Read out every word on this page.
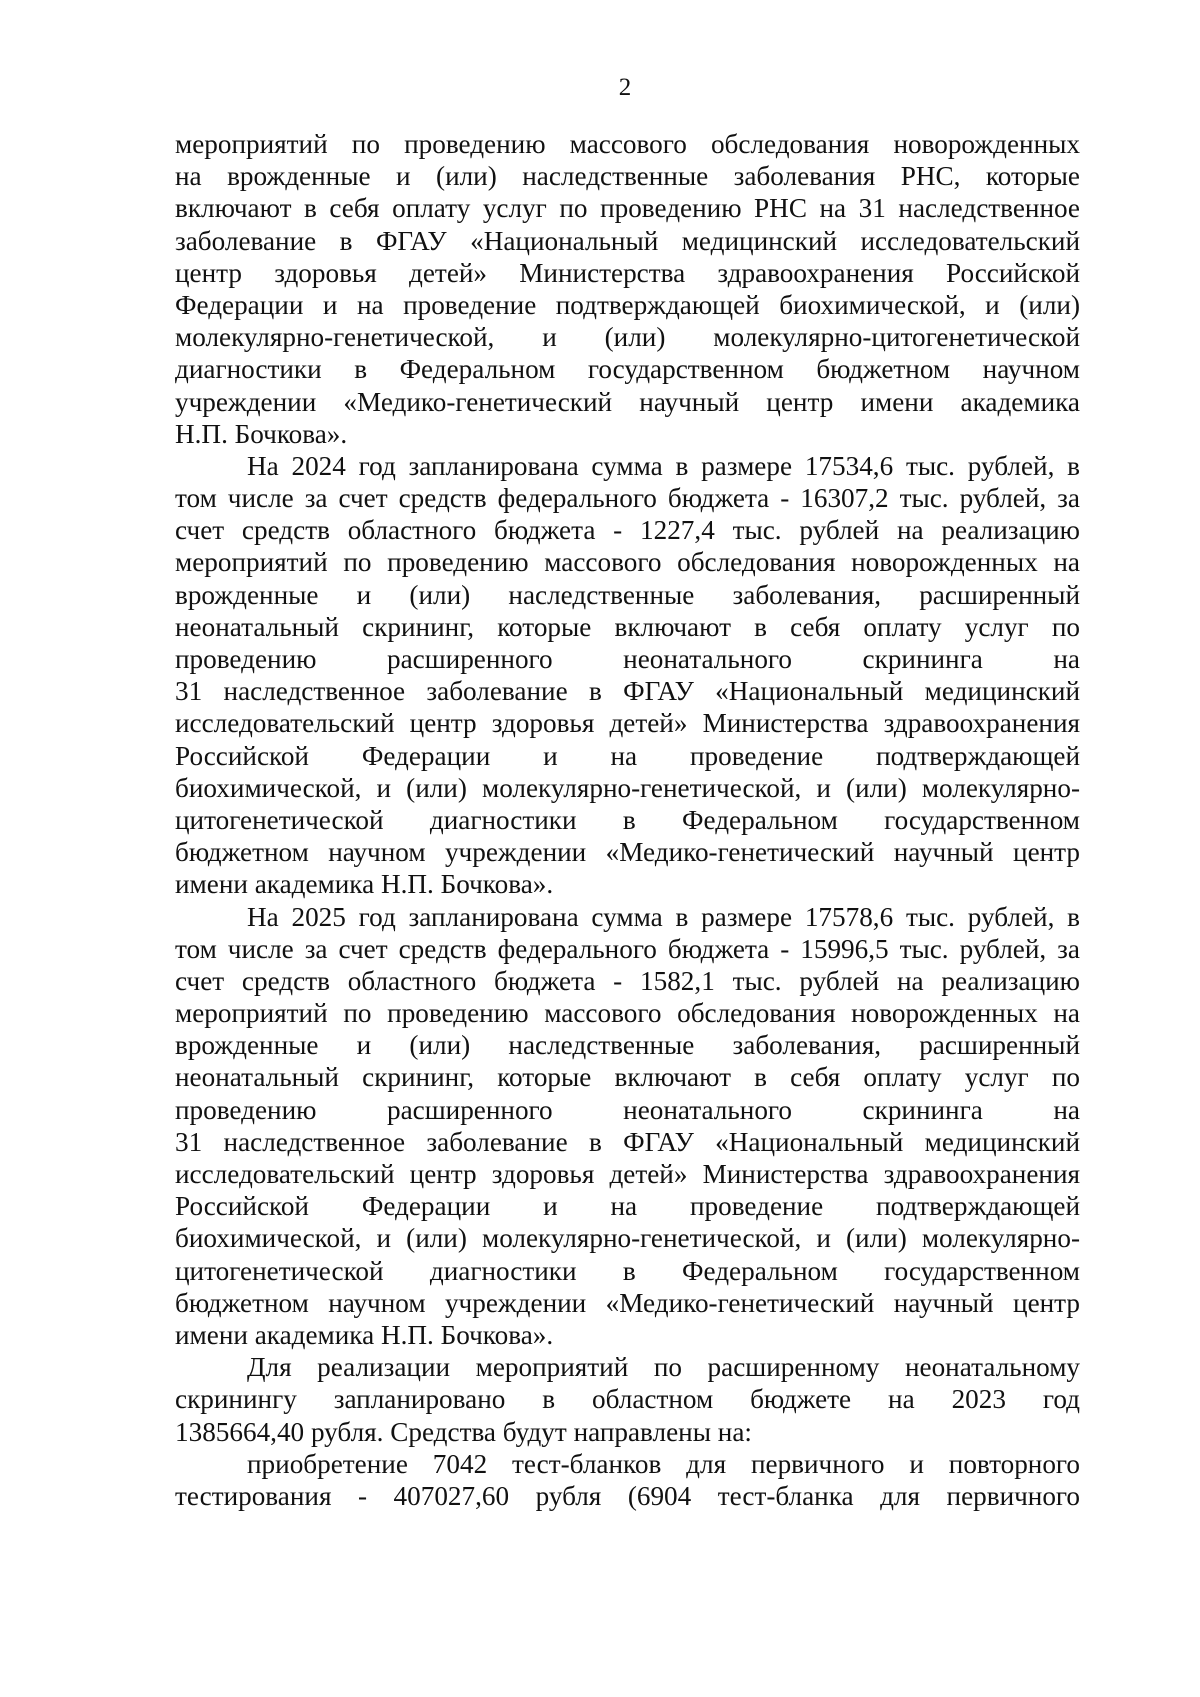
2
мероприятий по проведению массового обследования новорожденных
на врожденные и (или) наследственные заболевания РНС, которые
включают в себя оплату услуг по проведению РНС на 31 наследственное
заболевание в ФГАУ «Национальный медицинский исследовательский
центр здоровья детей» Министерства здравоохранения Российской
Федерации и на проведение подтверждающей биохимической, и (или)
молекулярно-генетической, и (или) молекулярно-цитогенетической
диагностики в Федеральном государственном бюджетном научном
учреждении «Медико-генетический научный центр имени академика
Н.П. Бочкова».
На 2024 год запланирована сумма в размере 17534,6 тыс. рублей, в
том числе за счет средств федерального бюджета - 16307,2 тыс. рублей, за
счет средств областного бюджета - 1227,4 тыс. рублей на реализацию
мероприятий по проведению массового обследования новорожденных на
врожденные и (или) наследственные заболевания, расширенный
неонатальный скрининг, которые включают в себя оплату услуг по
проведению расширенного неонатального скрининга на
31 наследственное заболевание в ФГАУ «Национальный медицинский
исследовательский центр здоровья детей» Министерства здравоохранения
Российской Федерации и на проведение подтверждающей
биохимической, и (или) молекулярно-генетической, и (или) молекулярно-
цитогенетической диагностики в Федеральном государственном
бюджетном научном учреждении «Медико-генетический научный центр
имени академика Н.П. Бочкова».
На 2025 год запланирована сумма в размере 17578,6 тыс. рублей, в
том числе за счет средств федерального бюджета - 15996,5 тыс. рублей, за
счет средств областного бюджета - 1582,1 тыс. рублей на реализацию
мероприятий по проведению массового обследования новорожденных на
врожденные и (или) наследственные заболевания, расширенный
неонатальный скрининг, которые включают в себя оплату услуг по
проведению расширенного неонатального скрининга на
31 наследственное заболевание в ФГАУ «Национальный медицинский
исследовательский центр здоровья детей» Министерства здравоохранения
Российской Федерации и на проведение подтверждающей
биохимической, и (или) молекулярно-генетической, и (или) молекулярно-
цитогенетической диагностики в Федеральном государственном
бюджетном научном учреждении «Медико-генетический научный центр
имени академика Н.П. Бочкова».
Для реализации мероприятий по расширенному неонатальному
скринингу запланировано в областном бюджете на 2023 год
1385664,40 рубля. Средства будут направлены на:
приобретение 7042 тест-бланков для первичного и повторного
тестирования - 407027,60 рубля (6904 тест-бланка для первичного
